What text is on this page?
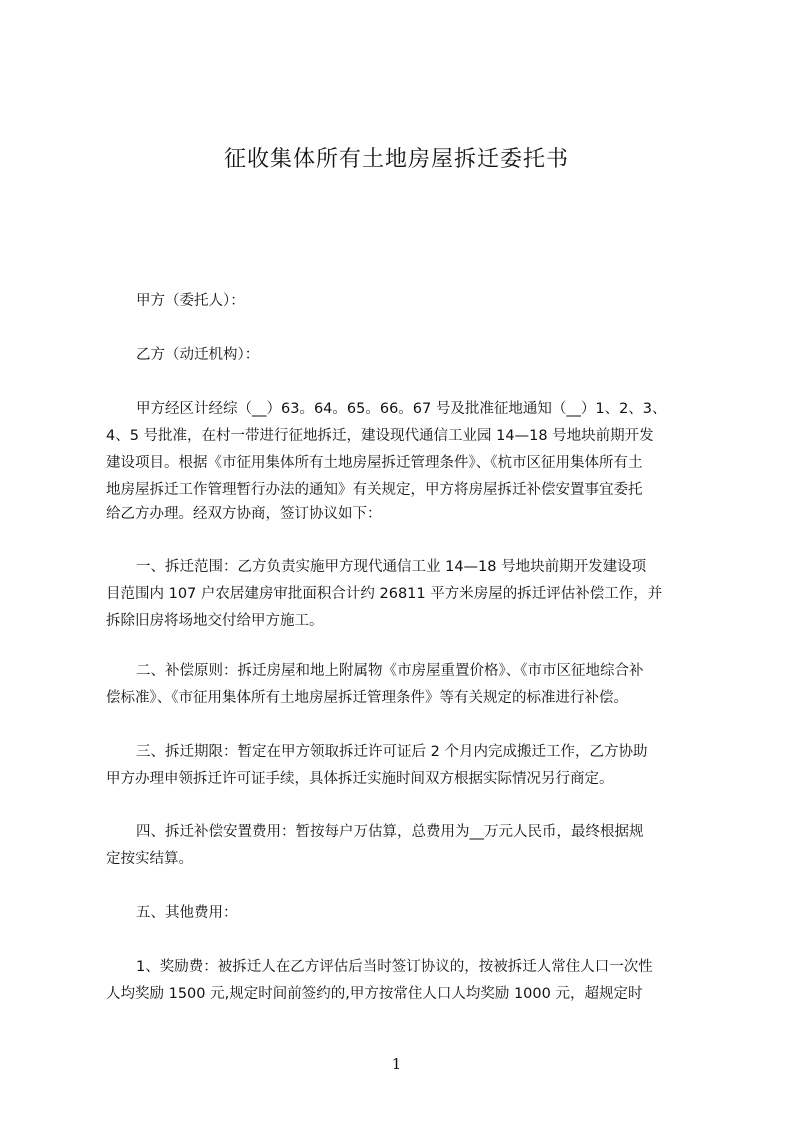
征收集体所有土地房屋拆迁委托书
甲方（委托人）：
乙方（动迁机构）：
甲方经区计经综（__）63。64。65。66。67 号及批准征地通知（__）1、2、3、
4、5 号批准，在村一带进行征地拆迁，建设现代通信工业园 14—18 号地块前期开发
建设项目。根据《市征用集体所有土地房屋拆迁管理条件》、《杭市区征用集体所有土
地房屋拆迁工作管理暂行办法的通知》有关规定，甲方将房屋拆迁补偿安置事宜委托
给乙方办理。经双方协商，签订协议如下：
一、拆迁范围：乙方负责实施甲方现代通信工业 14—18 号地块前期开发建设项
目范围内 107 户农居建房审批面积合计约 26811 平方米房屋的拆迁评估补偿工作，并
拆除旧房将场地交付给甲方施工。
二、补偿原则：拆迁房屋和地上附属物《市房屋重置价格》、《市市区征地综合补
偿标准》、《市征用集体所有土地房屋拆迁管理条件》等有关规定的标准进行补偿。
三、拆迁期限：暂定在甲方领取拆迁许可证后 2 个月内完成搬迁工作，乙方协助
甲方办理申领拆迁许可证手续，具体拆迁实施时间双方根据实际情况另行商定。
四、拆迁补偿安置费用：暂按每户万估算，总费用为__万元人民币，最终根据规
定按实结算。
五、其他费用：
1、奖励费：被拆迁人在乙方评估后当时签订协议的，按被拆迁人常住人口一次性
人均奖励 1500 元,规定时间前签约的,甲方按常住人口人均奖励 1000 元，超规定时
1
